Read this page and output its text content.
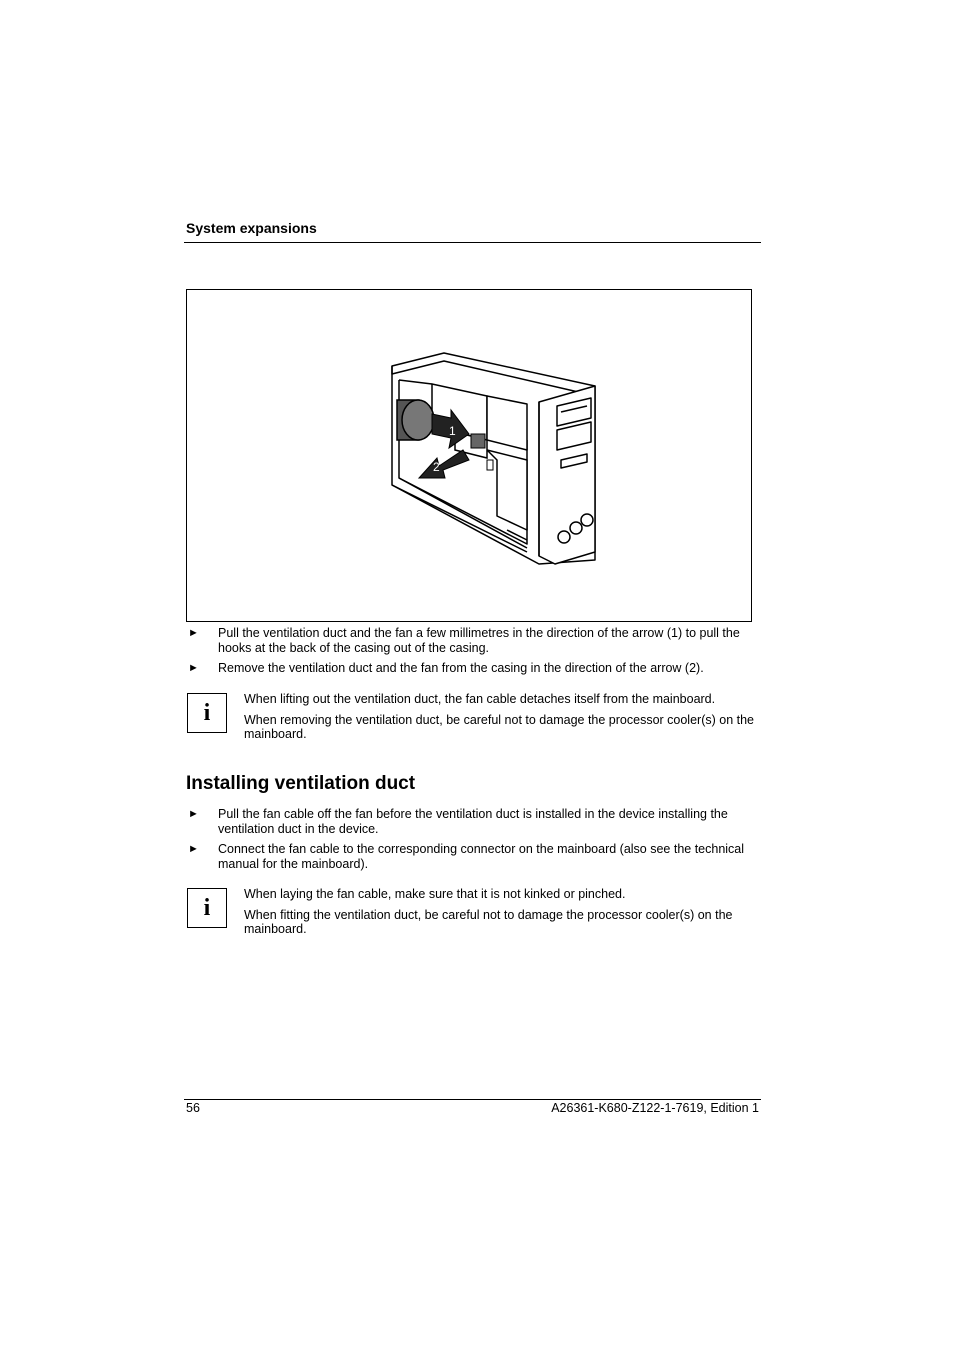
System expansions
1
2
► Pull the ventilation duct and the fan a few millimetres in the direction of the arrow (1) to pull the hooks at the back of the casing out of the casing.
► Remove the ventilation duct and the fan from the casing in the direction of the arrow (2).
i
When lifting out the ventilation duct, the fan cable detaches itself from the mainboard.
When removing the ventilation duct, be careful not to damage the processor cooler(s) on the mainboard.
Installing ventilation duct
► Pull the fan cable off the fan before the ventilation duct is installed in the device installing the ventilation duct in the device.
► Connect the fan cable to the corresponding connector on the mainboard (also see the technical manual for the mainboard).
i
When laying the fan cable, make sure that it is not kinked or pinched.
When fitting the ventilation duct, be careful not to damage the processor cooler(s) on the mainboard.
56	A26361-K680-Z122-1-7619, Edition 1
